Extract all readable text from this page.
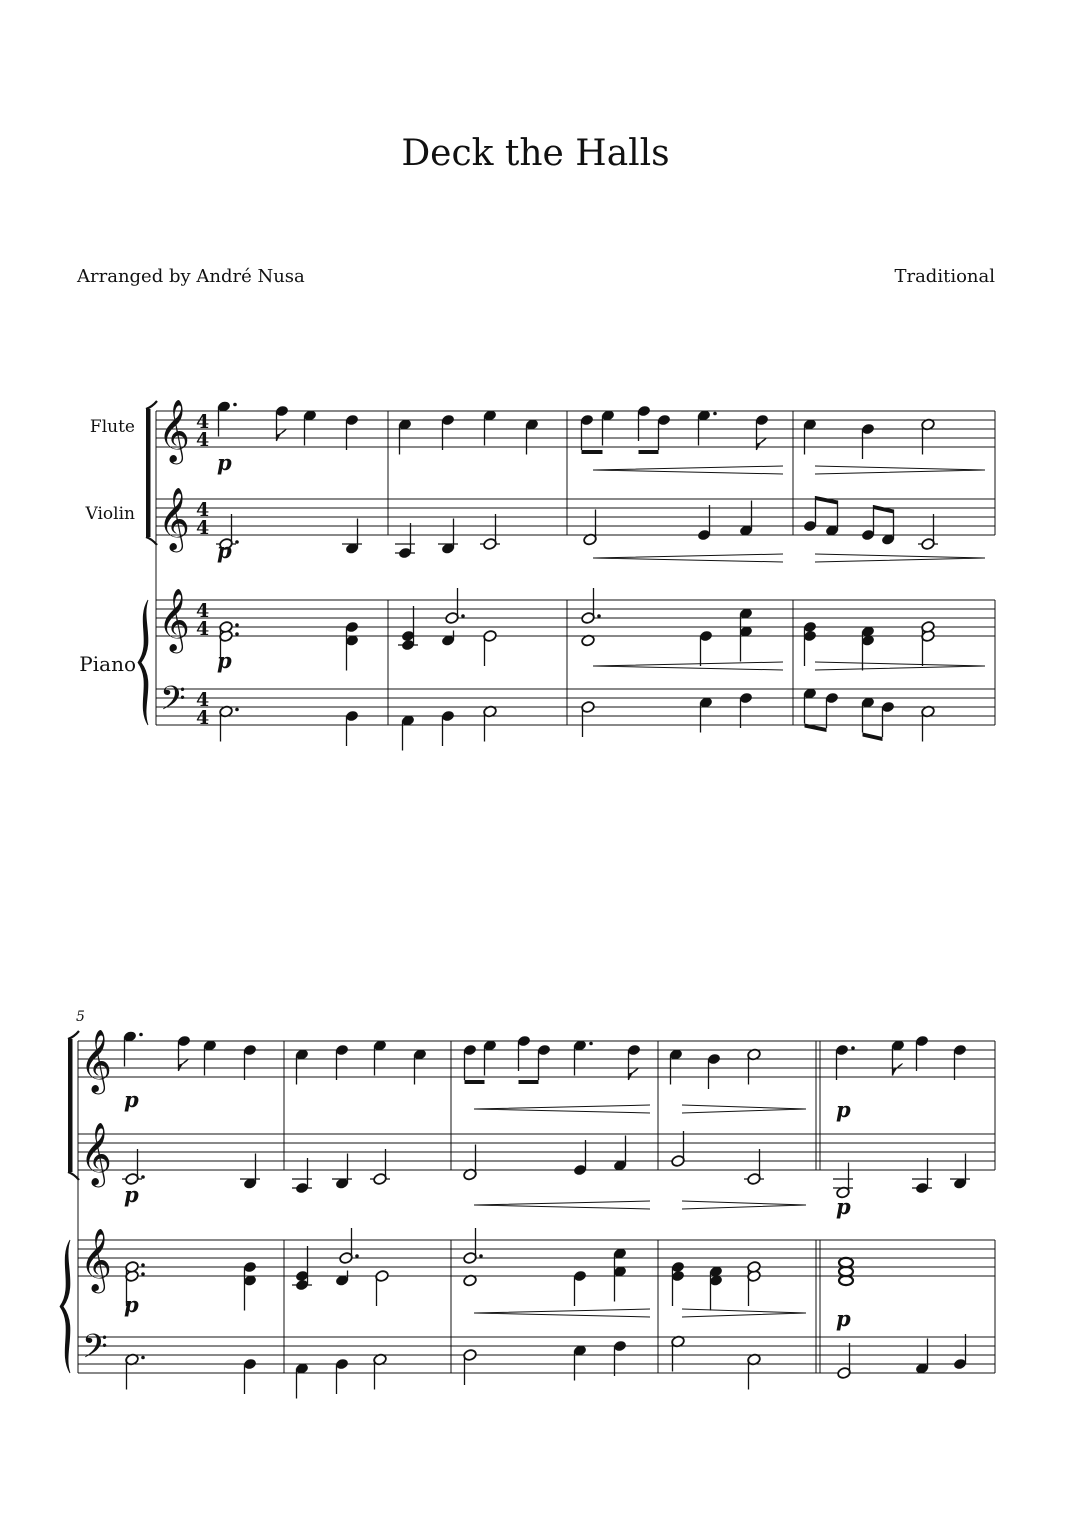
Deck the Halls
Arranged by André Nusa	Traditional
Flute
Violin
Piano
𝄞 4
4
𝄞 4
4
𝄞 4
4
𝄢 4
4
p
p
p
𝄞
𝄞
𝄞
𝄢
5
p
p
p
p
p
p
